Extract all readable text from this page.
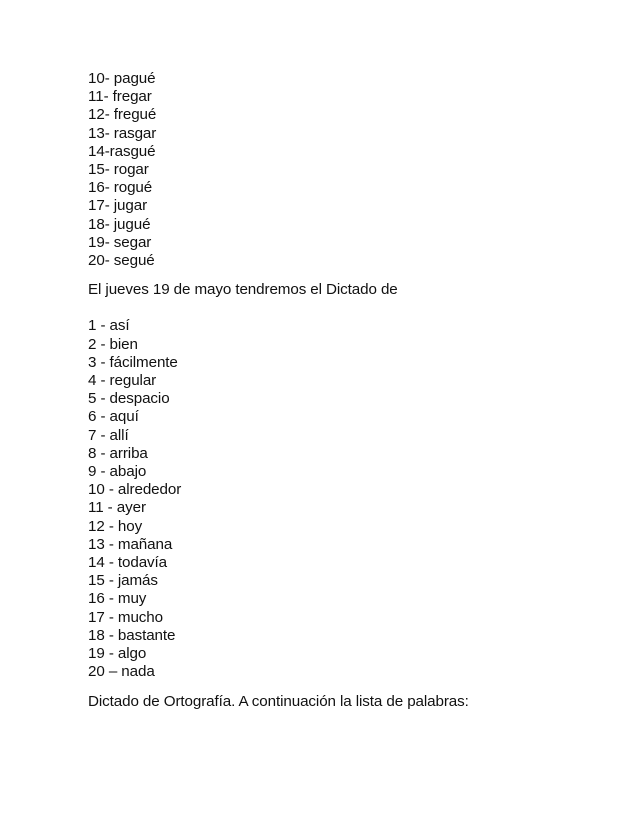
10- pagué
11- fregar
12- fregué
13- rasgar
14-rasgué
15- rogar
16- rogué
17- jugar
18- jugué
19- segar
20- segué
El jueves 19 de mayo tendremos el Dictado de
1 - así
2 - bien
3 - fácilmente
4 - regular
5 - despacio
6 - aquí
7 - allí
8 - arriba
9 - abajo
10 - alrededor
11 - ayer
12 - hoy
13 - mañana
14 - todavía
15 - jamás
16 - muy
17 - mucho
18 - bastante
19 - algo
20 – nada
Dictado de Ortografía. A continuación la lista de palabras:
